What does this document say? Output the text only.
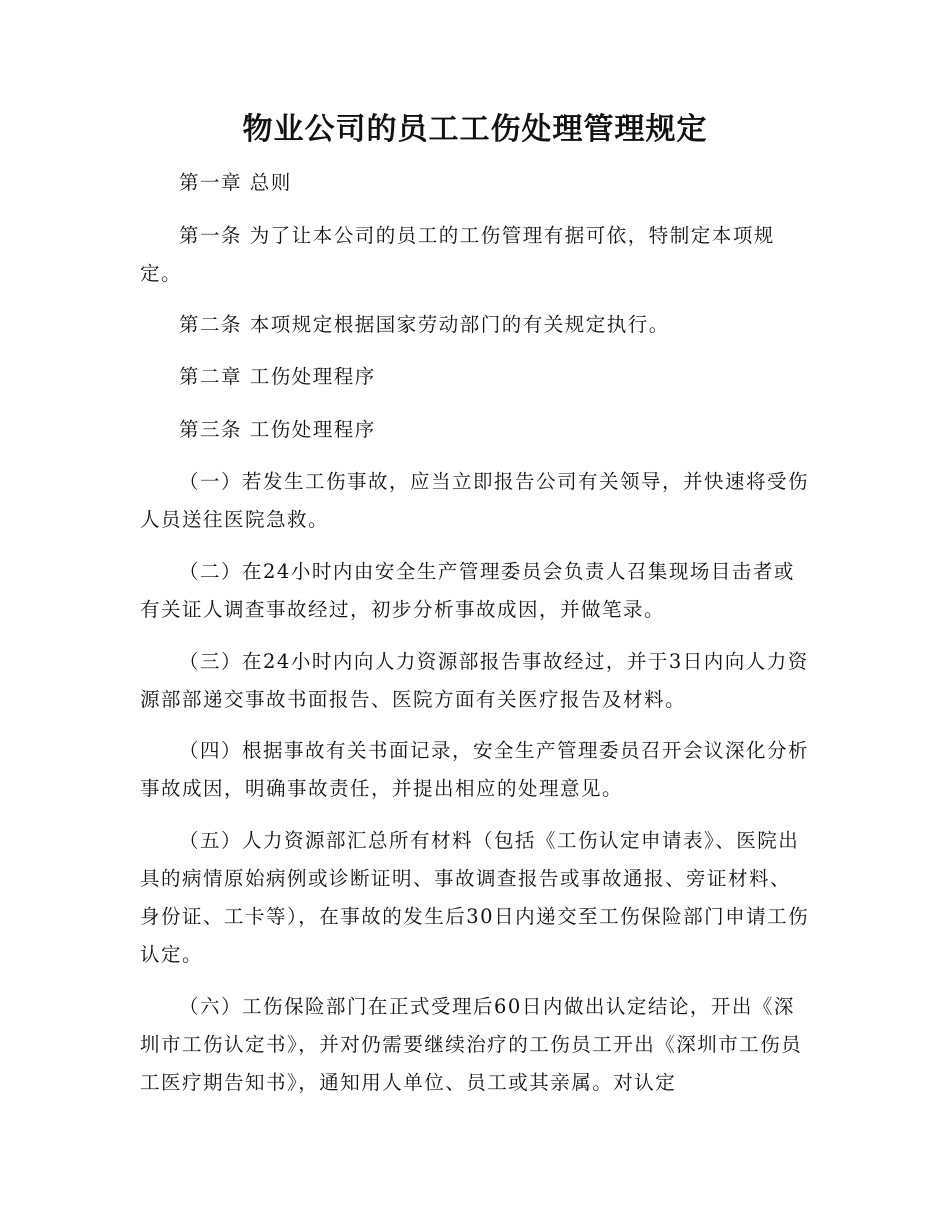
物业公司的员工工伤处理管理规定

第一章 总则

第一条 为了让本公司的员工的工伤管理有据可依，特制定本项规定。

第二条 本项规定根据国家劳动部门的有关规定执行。

第二章 工伤处理程序

第三条 工伤处理程序

（一）若发生工伤事故，应当立即报告公司有关领导，并快速将受伤人员送往医院急救。

（二）在24小时内由安全生产管理委员会负责人召集现场目击者或有关证人调查事故经过，初步分析事故成因，并做笔录。

（三）在24小时内向人力资源部报告事故经过，并于3日内向人力资源部部递交事故书面报告、医院方面有关医疗报告及材料。

（四）根据事故有关书面记录，安全生产管理委员召开会议深化分析事故成因，明确事故责任，并提出相应的处理意见。

（五）人力资源部汇总所有材料（包括《工伤认定申请表》、医院出具的病情原始病例或诊断证明、事故调查报告或事故通报、旁证材料、身份证、工卡等），在事故的发生后30日内递交至工伤保险部门申请工伤认定。

（六）工伤保险部门在正式受理后60日内做出认定结论，开出《深圳市工伤认定书》，并对仍需要继续治疗的工伤员工开出《深圳市工伤员工医疗期告知书》，通知用人单位、员工或其亲属。对认定
